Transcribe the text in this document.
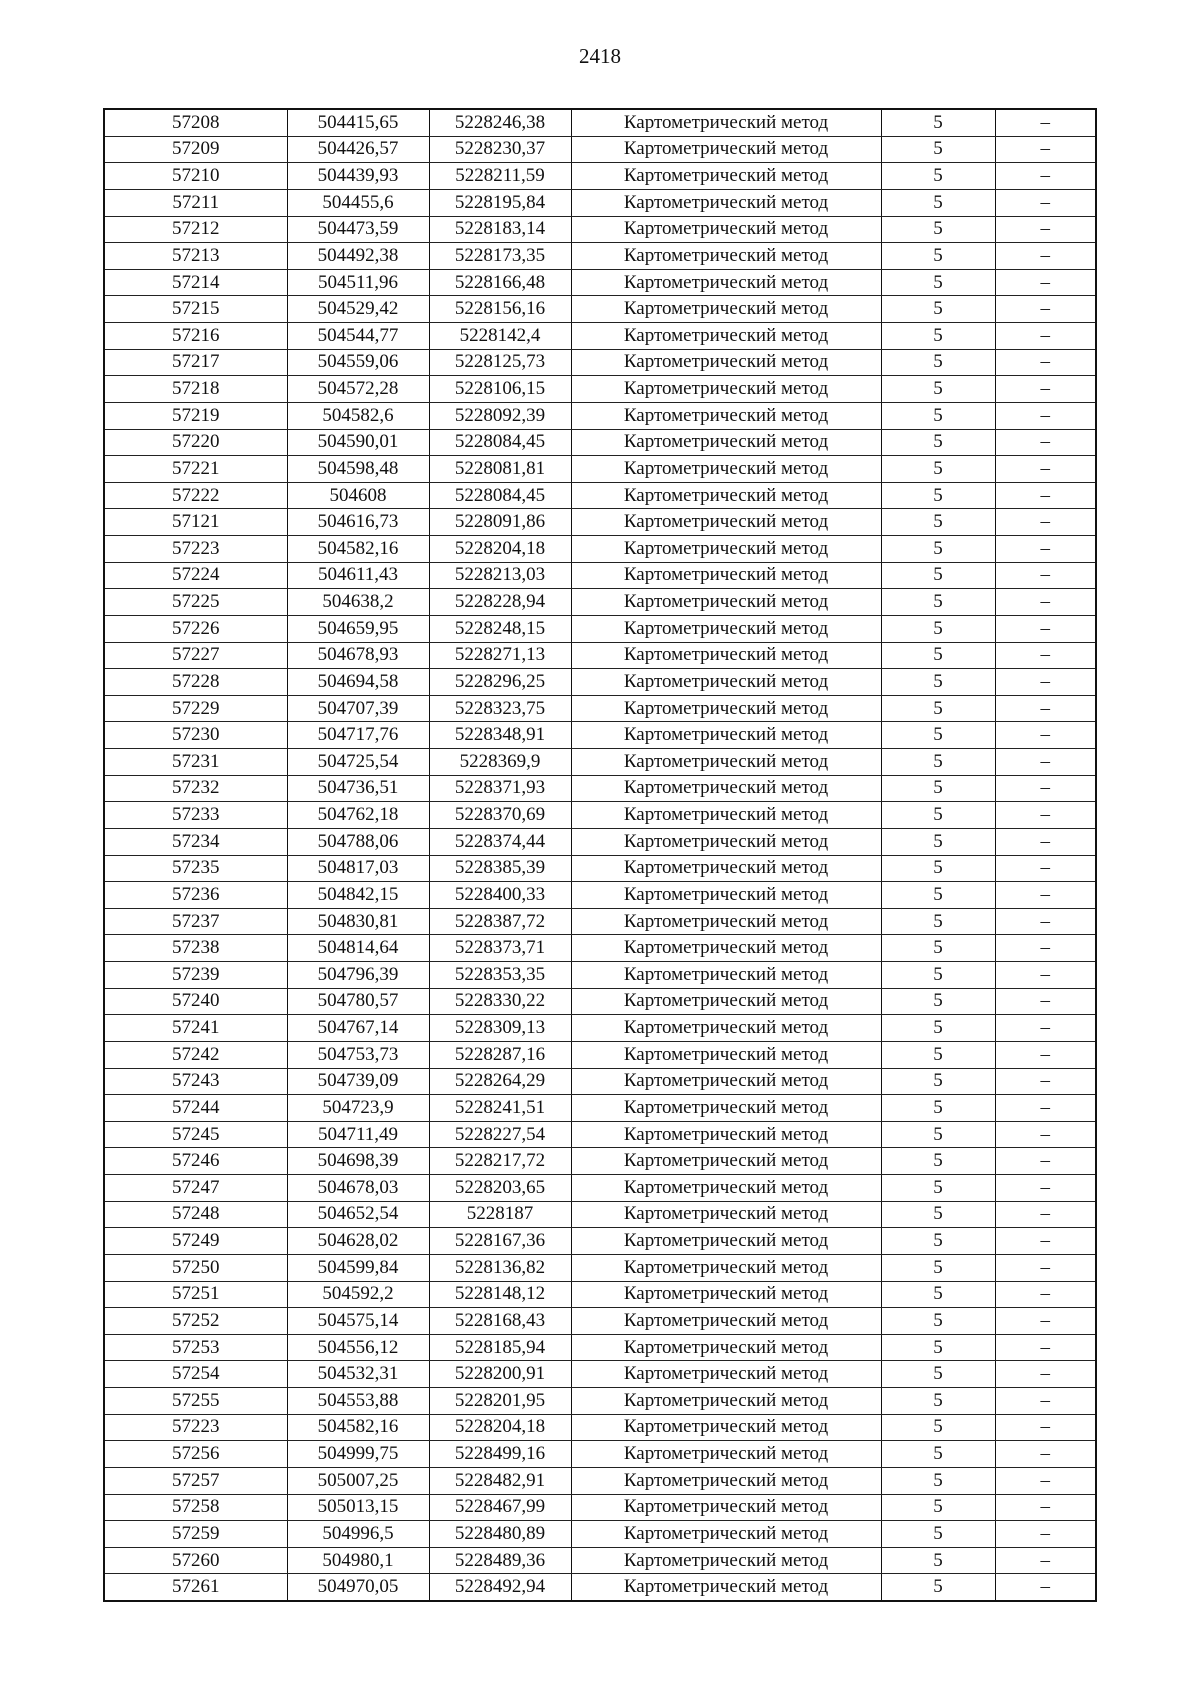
2418
57208	504415,65	5228246,38	Картометрический метод	5	–
57209	504426,57	5228230,37	Картометрический метод	5	–
57210	504439,93	5228211,59	Картометрический метод	5	–
57211	504455,6	5228195,84	Картометрический метод	5	–
57212	504473,59	5228183,14	Картометрический метод	5	–
57213	504492,38	5228173,35	Картометрический метод	5	–
57214	504511,96	5228166,48	Картометрический метод	5	–
57215	504529,42	5228156,16	Картометрический метод	5	–
57216	504544,77	5228142,4	Картометрический метод	5	–
57217	504559,06	5228125,73	Картометрический метод	5	–
57218	504572,28	5228106,15	Картометрический метод	5	–
57219	504582,6	5228092,39	Картометрический метод	5	–
57220	504590,01	5228084,45	Картометрический метод	5	–
57221	504598,48	5228081,81	Картометрический метод	5	–
57222	504608	5228084,45	Картометрический метод	5	–
57121	504616,73	5228091,86	Картометрический метод	5	–
57223	504582,16	5228204,18	Картометрический метод	5	–
57224	504611,43	5228213,03	Картометрический метод	5	–
57225	504638,2	5228228,94	Картометрический метод	5	–
57226	504659,95	5228248,15	Картометрический метод	5	–
57227	504678,93	5228271,13	Картометрический метод	5	–
57228	504694,58	5228296,25	Картометрический метод	5	–
57229	504707,39	5228323,75	Картометрический метод	5	–
57230	504717,76	5228348,91	Картометрический метод	5	–
57231	504725,54	5228369,9	Картометрический метод	5	–
57232	504736,51	5228371,93	Картометрический метод	5	–
57233	504762,18	5228370,69	Картометрический метод	5	–
57234	504788,06	5228374,44	Картометрический метод	5	–
57235	504817,03	5228385,39	Картометрический метод	5	–
57236	504842,15	5228400,33	Картометрический метод	5	–
57237	504830,81	5228387,72	Картометрический метод	5	–
57238	504814,64	5228373,71	Картометрический метод	5	–
57239	504796,39	5228353,35	Картометрический метод	5	–
57240	504780,57	5228330,22	Картометрический метод	5	–
57241	504767,14	5228309,13	Картометрический метод	5	–
57242	504753,73	5228287,16	Картометрический метод	5	–
57243	504739,09	5228264,29	Картометрический метод	5	–
57244	504723,9	5228241,51	Картометрический метод	5	–
57245	504711,49	5228227,54	Картометрический метод	5	–
57246	504698,39	5228217,72	Картометрический метод	5	–
57247	504678,03	5228203,65	Картометрический метод	5	–
57248	504652,54	5228187	Картометрический метод	5	–
57249	504628,02	5228167,36	Картометрический метод	5	–
57250	504599,84	5228136,82	Картометрический метод	5	–
57251	504592,2	5228148,12	Картометрический метод	5	–
57252	504575,14	5228168,43	Картометрический метод	5	–
57253	504556,12	5228185,94	Картометрический метод	5	–
57254	504532,31	5228200,91	Картометрический метод	5	–
57255	504553,88	5228201,95	Картометрический метод	5	–
57223	504582,16	5228204,18	Картометрический метод	5	–
57256	504999,75	5228499,16	Картометрический метод	5	–
57257	505007,25	5228482,91	Картометрический метод	5	–
57258	505013,15	5228467,99	Картометрический метод	5	–
57259	504996,5	5228480,89	Картометрический метод	5	–
57260	504980,1	5228489,36	Картометрический метод	5	–
57261	504970,05	5228492,94	Картометрический метод	5	–
